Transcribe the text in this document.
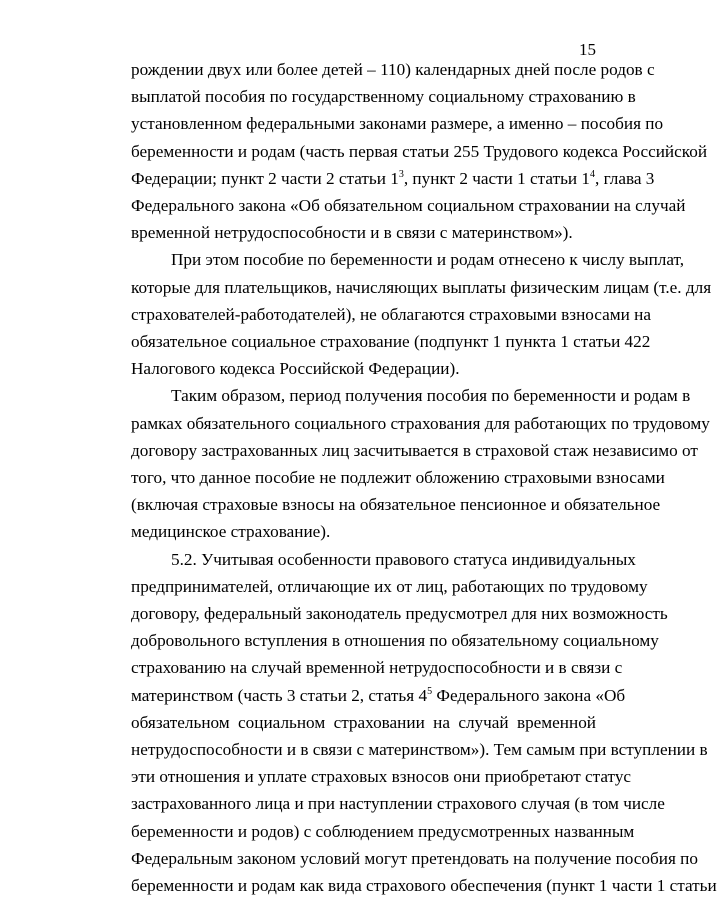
15
рождении двух или более детей – 110) календарных дней после родов с
выплатой пособия по государственному социальному страхованию в
установленном федеральными законами размере, а именно – пособия по
беременности и родам (часть первая статьи 255 Трудового кодекса Российской
Федерации; пункт 2 части 2 статьи $1^3$, пункт 2 части 1 статьи $1^4$, глава 3
Федерального закона «Об обязательном социальном страховании на случай
временной нетрудоспособности и в связи с материнством»).
При этом пособие по беременности и родам отнесено к числу выплат,
которые для плательщиков, начисляющих выплаты физическим лицам (т.е. для
страхователей-работодателей), не облагаются страховыми взносами на
обязательное социальное страхование (подпункт 1 пункта 1 статьи 422
Налогового кодекса Российской Федерации).
Таким образом, период получения пособия по беременности и родам в
рамках обязательного социального страхования для работающих по трудовому
договору застрахованных лиц засчитывается в страховой стаж независимо от
того, что данное пособие не подлежит обложению страховыми взносами
(включая страховые взносы на обязательное пенсионное и обязательное
медицинское страхование).
5.2. Учитывая особенности правового статуса индивидуальных
предпринимателей, отличающие их от лиц, работающих по трудовому
договору, федеральный законодатель предусмотрел для них возможность
добровольного вступления в отношения по обязательному социальному
страхованию на случай временной нетрудоспособности и в связи с
материнством (часть 3 статьи 2, статья $4^5$ Федерального закона «Об
обязательном социальном страховании на случай временной
нетрудоспособности и в связи с материнством»). Тем самым при вступлении в
эти отношения и уплате страховых взносов они приобретают статус
застрахованного лица и при наступлении страхового случая (в том числе
беременности и родов) с соблюдением предусмотренных названным
Федеральным законом условий могут претендовать на получение пособия по
беременности и родам как вида страхового обеспечения (пункт 1 части 1 статьи
